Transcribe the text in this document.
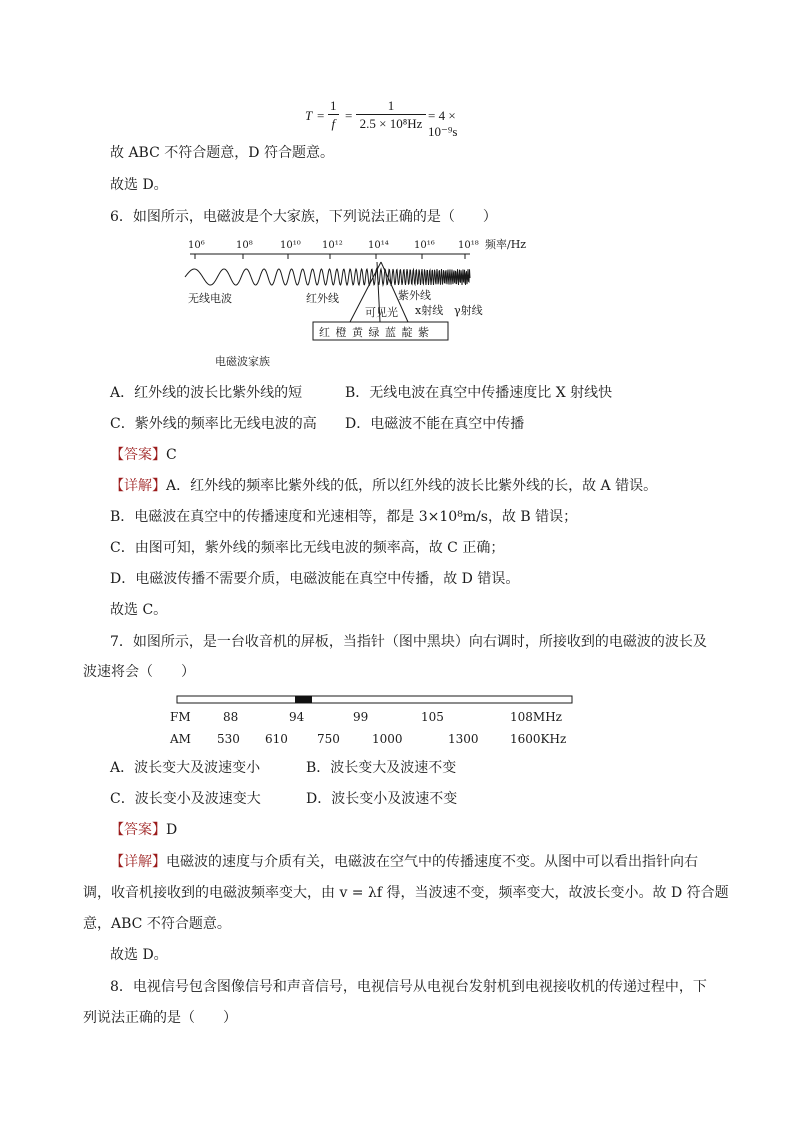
$T = \frac{1}{f} = \frac{1}{\text{2.5 × 10⁸Hz}} = 4 \times 10^{-9}s$
故 ABC 不符合题意，D 符合题意。
故选 D。
6．如图所示，电磁波是个大家族，下列说法正确的是（　　）
10⁶	10⁸	10¹⁰ 10¹²	10¹⁴	10¹⁶ 10¹⁸ 频率/Hz
无线电波	红外线	紫外线
可见光 x射线 γ射线
红 橙 黄 绿 蓝 靛 紫
电磁波家族
A．红外线的波长比紫外线的短	B．无线电波在真空中传播速度比 X 射线快
C．紫外线的频率比无线电波的高 D．电磁波不能在真空中传播
【答案】C
【详解】A．红外线的频率比紫外线的低，所以红外线的波长比紫外线的长，故 A 错误。
B．电磁波在真空中的传播速度和光速相等，都是 3×10⁸m/s，故 B 错误；
C．由图可知，紫外线的频率比无线电波的频率高，故 C 正确；
D．电磁波传播不需要介质，电磁波能在真空中传播，故 D 错误。
故选 C。
7．如图所示，是一台收音机的屏板，当指针（图中黑块）向右调时，所接收到的电磁波的波长及
波速将会（　　）
FM	88	94	99	105	108MHz
AM 530 610 750	1000	1300	1600KHz
A．波长变大及波速变小	B．波长变大及波速不变
C．波长变小及波速变大	D．波长变小及波速不变
【答案】D
【详解】电磁波的速度与介质有关，电磁波在空气中的传播速度不变。从图中可以看出指针向右
调，收音机接收到的电磁波频率变大，由 v = λf 得，当波速不变，频率变大，故波长变小。故 D 符合题
意，ABC 不符合题意。
故选 D。
8．电视信号包含图像信号和声音信号，电视信号从电视台发射机到电视接收机的传递过程中，下
列说法正确的是（　　）
